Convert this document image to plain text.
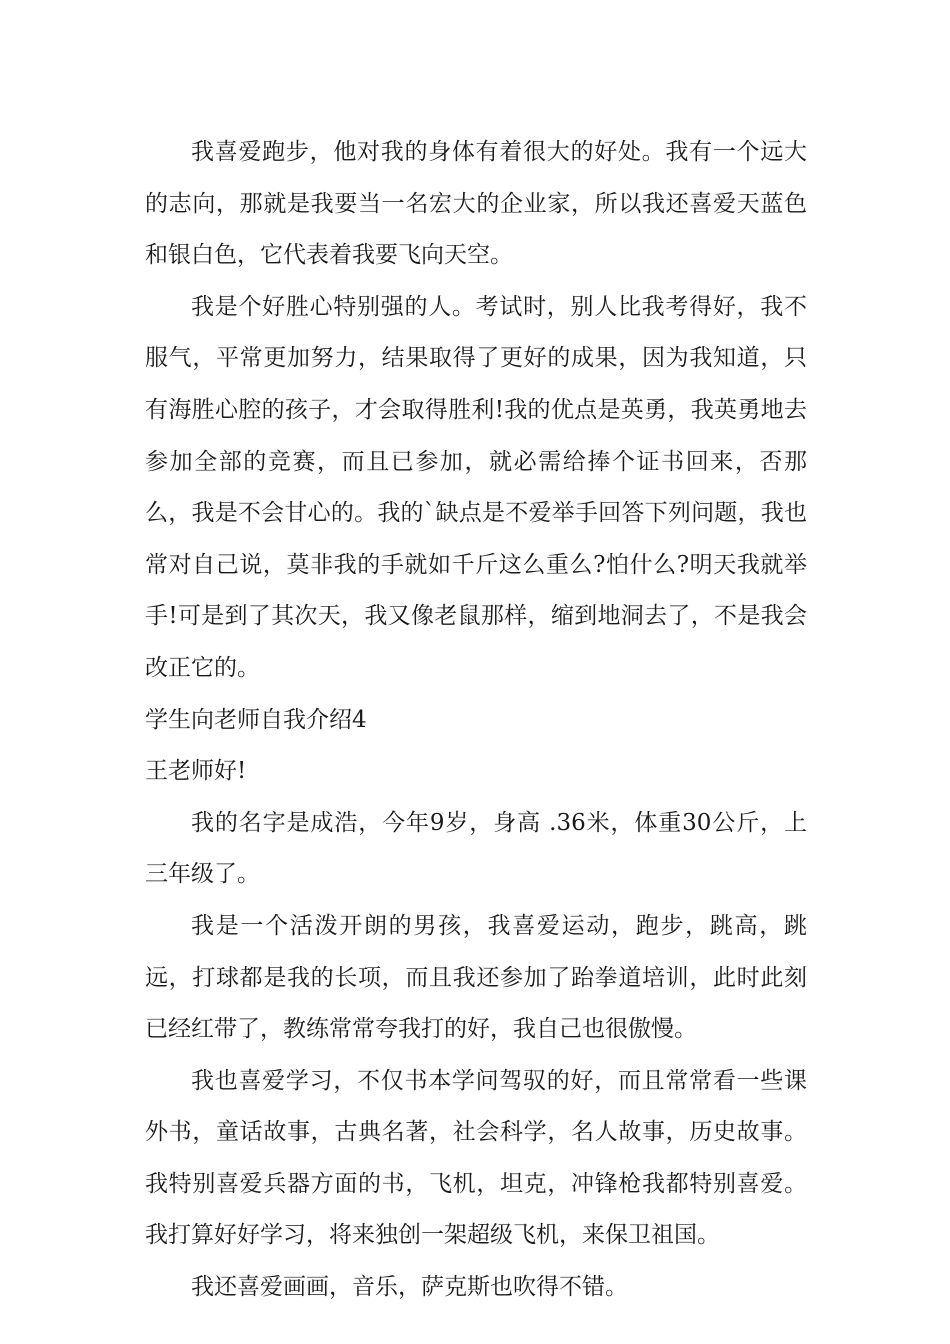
我喜爱跑步，他对我的身体有着很大的好处。我有一个远大的志向，那就是我要当一名宏大的企业家，所以我还喜爱天蓝色和银白色，它代表着我要飞向天空。

我是个好胜心特别强的人。考试时，别人比我考得好，我不服气，平常更加努力，结果取得了更好的成果，因为我知道，只有海胜心腔的孩子，才会取得胜利!我的优点是英勇，我英勇地去参加全部的竞赛，而且已参加，就必需给捧个证书回来，否那么，我是不会甘心的。我的`缺点是不爱举手回答下列问题，我也常对自己说，莫非我的手就如千斤这么重么?怕什么?明天我就举手!可是到了其次天，我又像老鼠那样，缩到地洞去了，不是我会改正它的。

学生向老师自我介绍4

王老师好!

我的名字是成浩，今年9岁，身高 .36米，体重30公斤，上三年级了。

我是一个活泼开朗的男孩，我喜爱运动，跑步，跳高，跳远，打球都是我的长项，而且我还参加了跆拳道培训，此时此刻已经红带了，教练常常夸我打的好，我自己也很傲慢。

我也喜爱学习，不仅书本学问驾驭的好，而且常常看一些课外书，童话故事，古典名著，社会科学，名人故事，历史故事。我特别喜爱兵器方面的书，飞机，坦克，冲锋枪我都特别喜爱。我打算好好学习，将来独创一架超级飞机，来保卫祖国。

我还喜爱画画，音乐，萨克斯也吹得不错。
